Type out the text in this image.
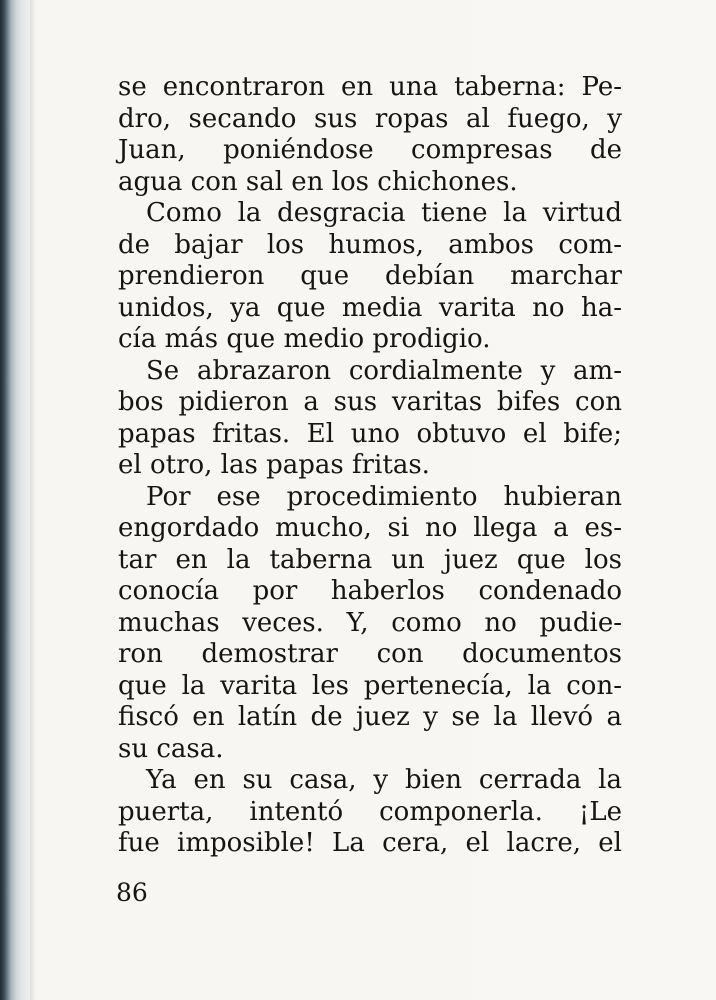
se encontraron en una taberna: Pe-
dro, secando sus ropas al fuego, y
Juan, poniéndose compresas de
agua con sal en los chichones.
Como la desgracia tiene la virtud
de bajar los humos, ambos com-
prendieron que debían marchar
unidos, ya que media varita no ha-
cía más que medio prodigio.
Se abrazaron cordialmente y am-
bos pidieron a sus varitas bifes con
papas fritas. El uno obtuvo el bife;
el otro, las papas fritas.
Por ese procedimiento hubieran
engordado mucho, si no llega a es-
tar en la taberna un juez que los
conocía por haberlos condenado
muchas veces. Y, como no pudie-
ron demostrar con documentos
que la varita les pertenecía, la con-
fiscó en latín de juez y se la llevó a
su casa.
Ya en su casa, y bien cerrada la
puerta, intentó componerla. ¡Le
fue imposible! La cera, el lacre, el
86
